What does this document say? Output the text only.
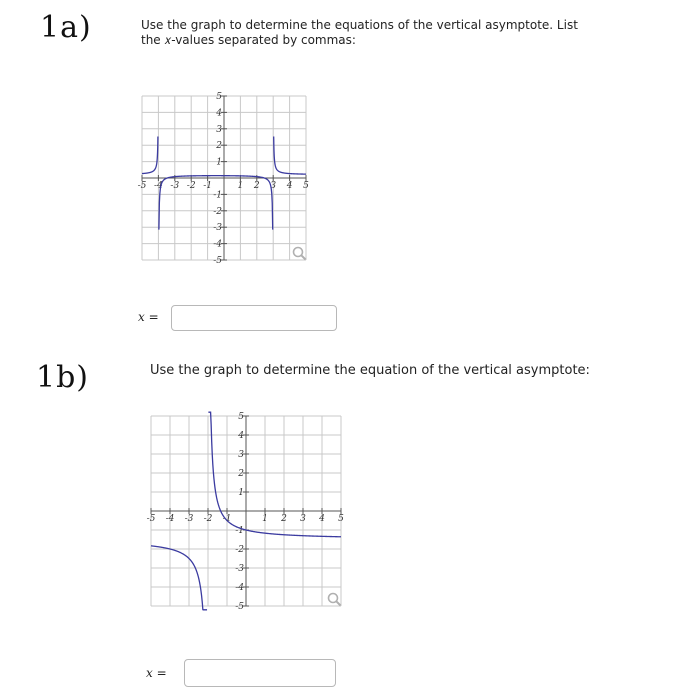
1a)	Use the graph to determine the equations of the vertical asymptote. List the 𝑥-values separated by commas:
-5 -4 -3 -2 -1	1 2 3 4 5
5
4
3
2
1
-1
-2
-3
-4
-5
x =
1b)	Use the graph to determine the equation of the vertical asymptote:
-5 -4 -3 -2 -1	1 2 3 4 5
5
4
3
2
1
-1
-2
-3
-4
-5
x =
